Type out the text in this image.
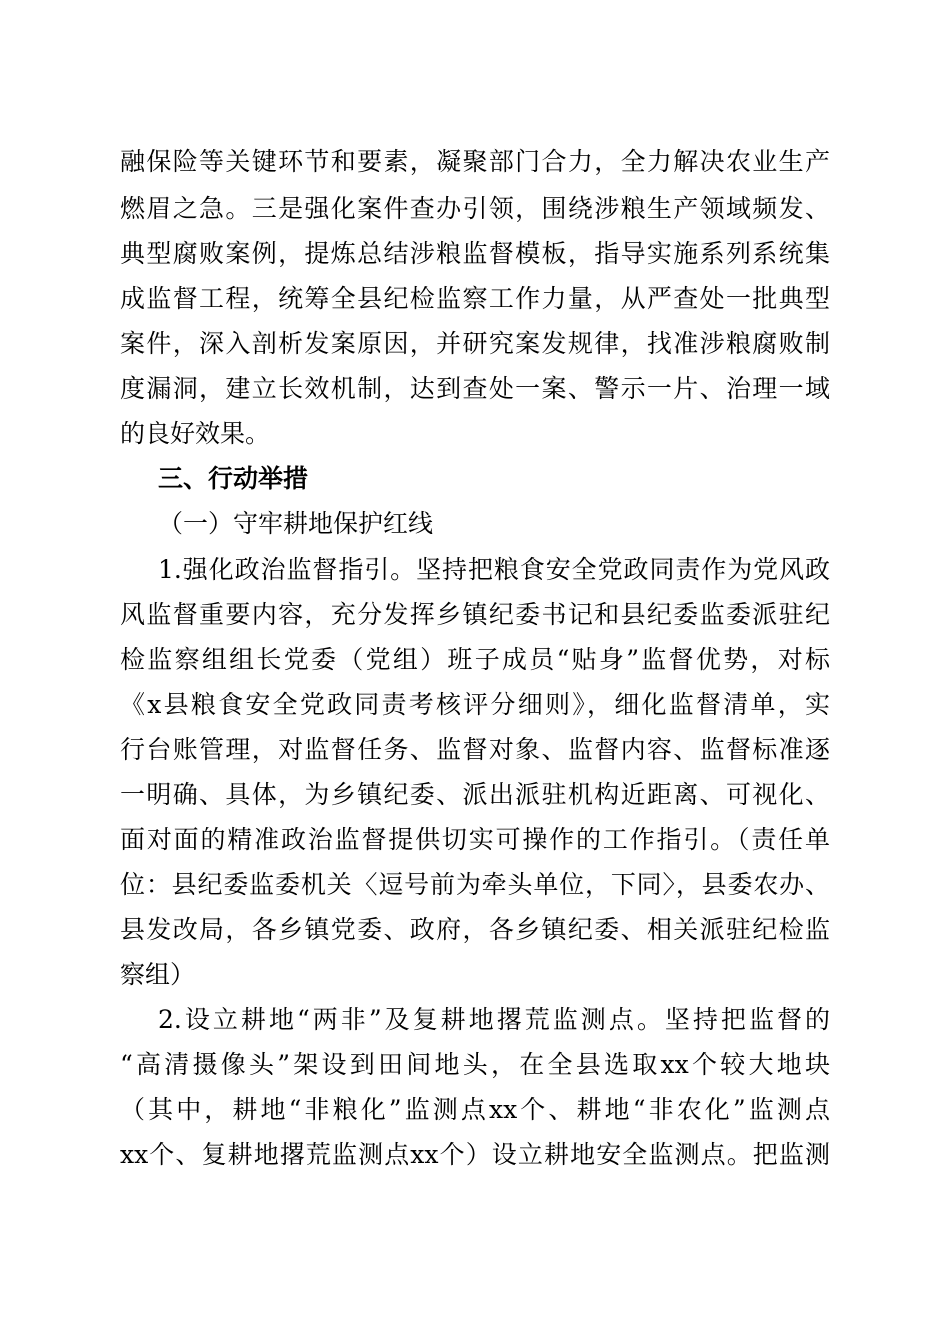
融保险等关键环节和要素，凝聚部门合力，全力解决农业生产
燃眉之急。三是强化案件查办引领，围绕涉粮生产领域频发、
典型腐败案例，提炼总结涉粮监督模板，指导实施系列系统集
成监督工程，统筹全县纪检监察工作力量，从严查处一批典型
案件，深入剖析发案原因，并研究案发规律，找准涉粮腐败制
度漏洞，建立长效机制，达到查处一案、警示一片、治理一域
的良好效果。
三、行动举措
（一）守牢耕地保护红线
1.强化政治监督指引。坚持把粮食安全党政同责作为党风政
风监督重要内容，充分发挥乡镇纪委书记和县纪委监委派驻纪
检监察组组长党委（党组）班子成员“贴身”监督优势，对标
《x县粮食安全党政同责考核评分细则》，细化监督清单，实
行台账管理，对监督任务、监督对象、监督内容、监督标准逐
一明确、具体，为乡镇纪委、派出派驻机构近距离、可视化、
面对面的精准政治监督提供切实可操作的工作指引。（责任单
位：县纪委监委机关〈逗号前为牵头单位，下同〉，县委农办、
县发改局，各乡镇党委、政府，各乡镇纪委、相关派驻纪检监
察组）
2.设立耕地“两非”及复耕地撂荒监测点。坚持把监督的
“高清摄像头”架设到田间地头，在全县选取xx个较大地块
（其中，耕地“非粮化”监测点xx个、耕地“非农化”监测点
xx个、复耕地撂荒监测点xx个）设立耕地安全监测点。把监测
